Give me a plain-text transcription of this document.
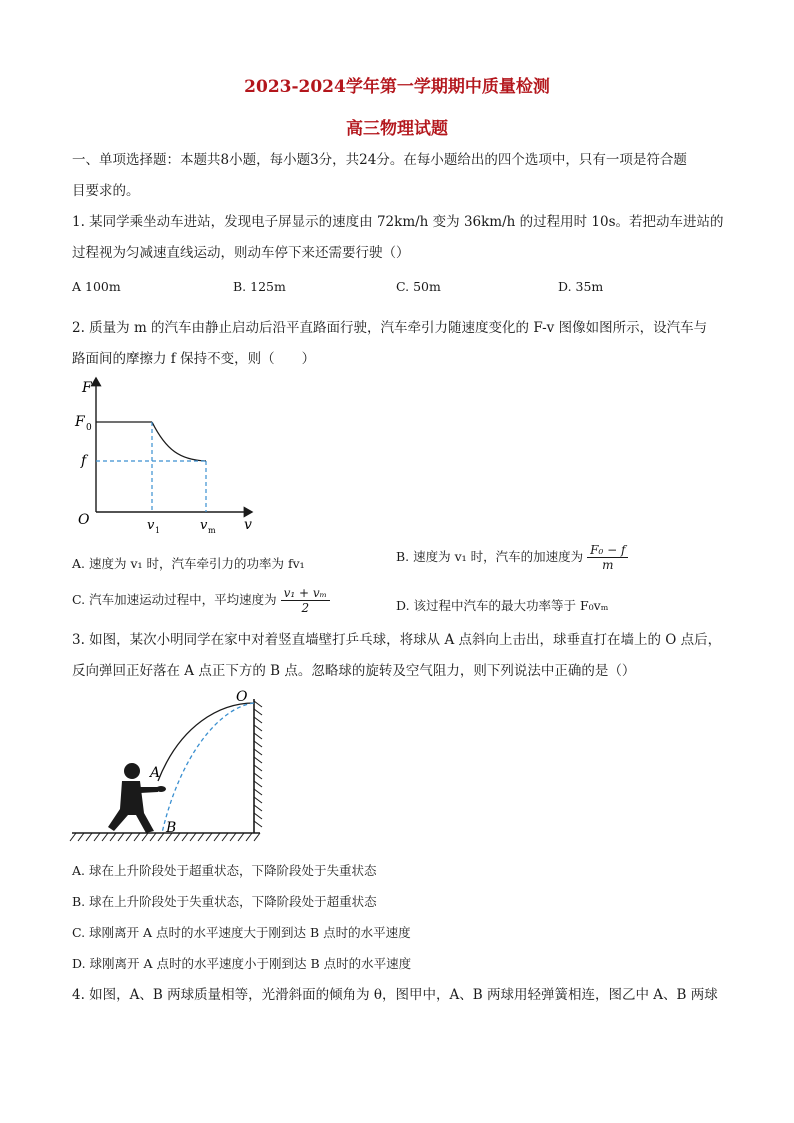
2023-2024学年第一学期期中质量检测
高三物理试题
一、单项选择题：本题共8小题，每小题3分，共24分。在每小题给出的四个选项中，只有一项是符合题
目要求的。
1. 某同学乘坐动车进站，发现电子屏显示的速度由 72km/h 变为 36km/h 的过程用时 10s。若把动车进站的
过程视为匀减速直线运动，则动车停下来还需要行驶（）
A 100m	B. 125m	C. 50m	D. 35m
2. 质量为 m 的汽车由静止启动后沿平直路面行驶，汽车牵引力随速度变化的 F-v 图像如图所示，设汽车与
路面间的摩擦力 f 保持不变，则（　　）
F
v
O
F 0
f
v 1	v m
A. 速度为 v₁ 时，汽车牵引力的功率为 fv₁	B. 速度为 v₁ 时，汽车的加速度为 $\frac{\text{F₀ − f}}{m}$
C. 汽车加速运动过程中，平均速度为 $\frac{\text{v₁ + vₘ}}{2}$	D. 该过程中汽车的最大功率等于 F₀vₘ
3. 如图，某次小明同学在家中对着竖直墙壁打乒乓球，将球从 A 点斜向上击出，球垂直打在墙上的 O 点后，
反向弹回正好落在 A 点正下方的 B 点。忽略球的旋转及空气阻力，则下列说法中正确的是（）
O
A
B
A. 球在上升阶段处于超重状态，下降阶段处于失重状态
B. 球在上升阶段处于失重状态，下降阶段处于超重状态
C. 球刚离开 A 点时的水平速度大于刚到达 B 点时的水平速度
D. 球刚离开 A 点时的水平速度小于刚到达 B 点时的水平速度
4. 如图，A、B 两球质量相等，光滑斜面的倾角为 θ，图甲中，A、B 两球用轻弹簧相连，图乙中 A、B 两球
